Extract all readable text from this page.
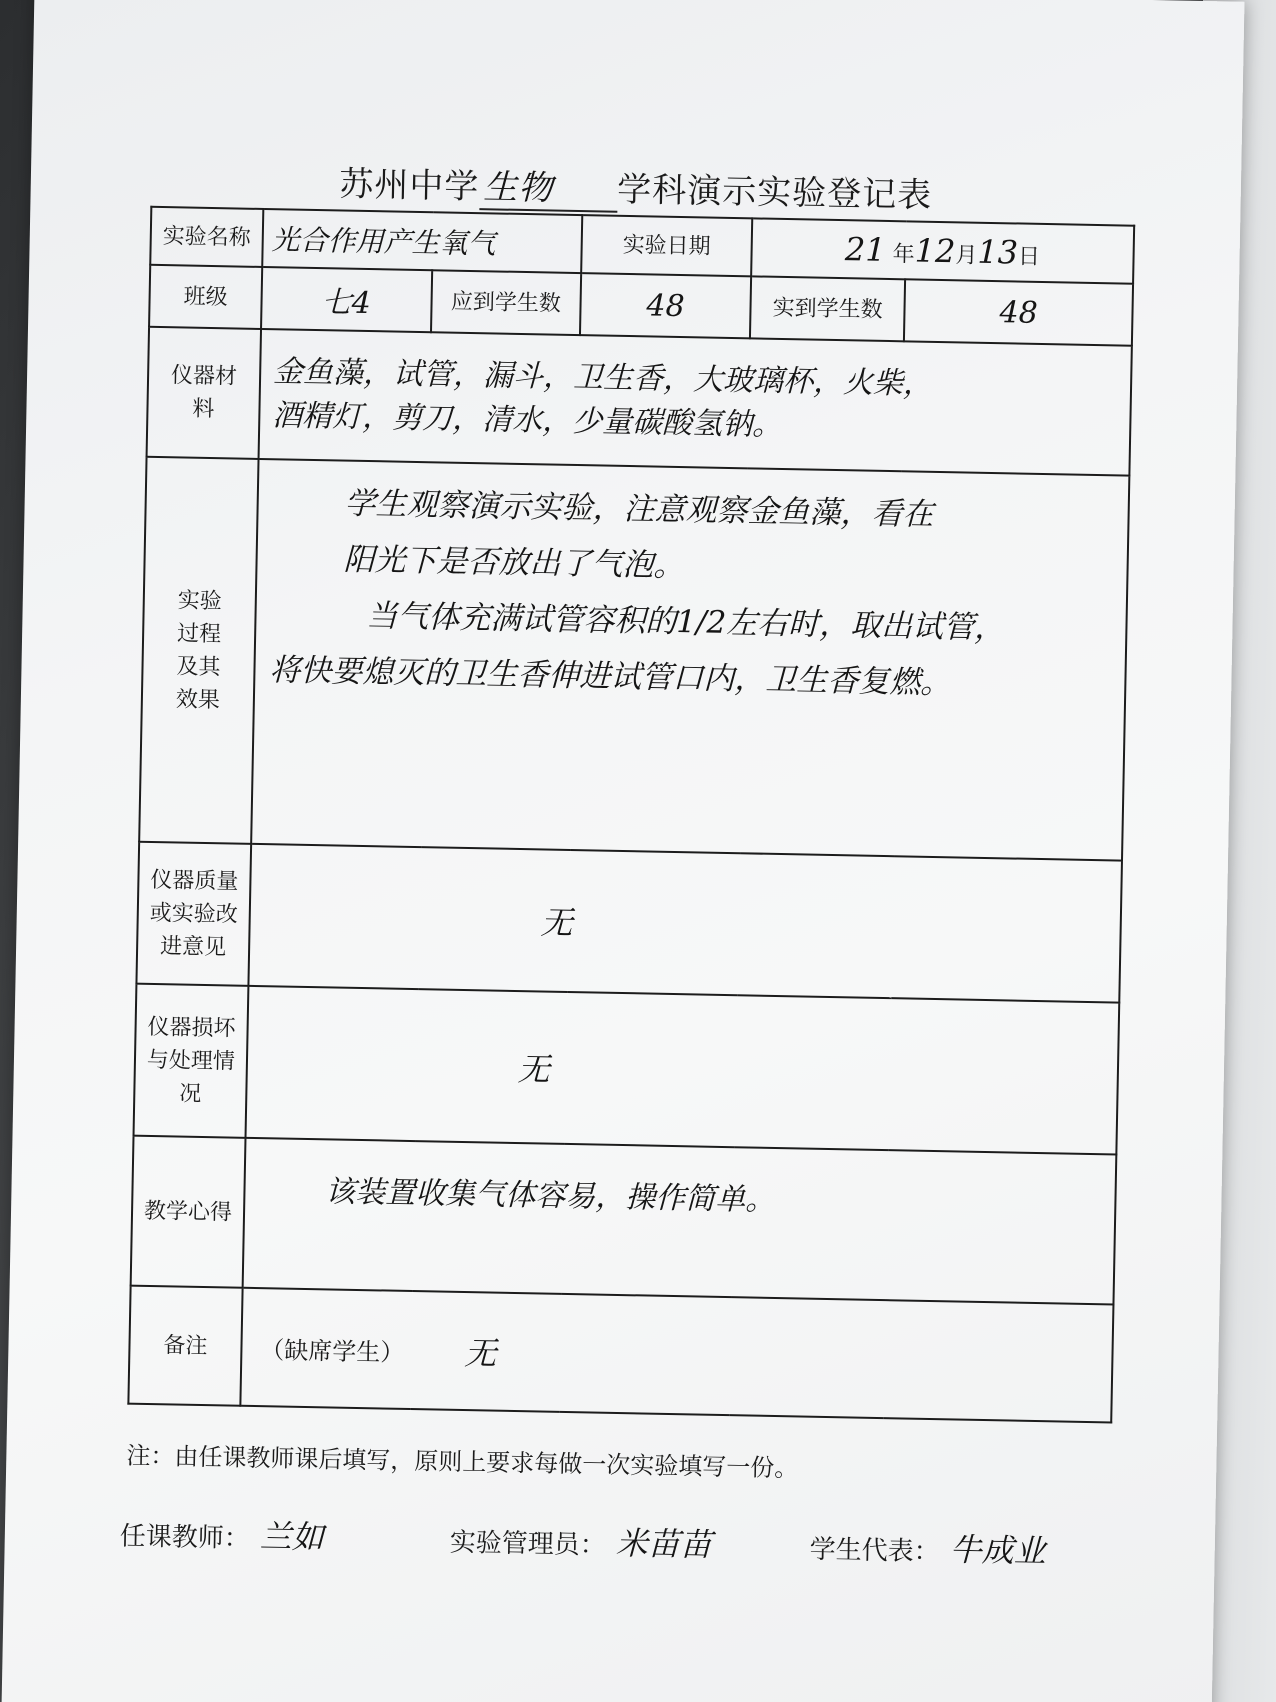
苏州中学生物 学科演示实验登记表
实验名称	光合作用产生氧气		实验日期	21 年12月13日	
班级	七4	应到学生数	48	实到学生数	48
仪器材料	金鱼藻，试管，漏斗，卫生香，大玻璃杯，火柴，
酒精灯，剪刀，清水，少量碳酸氢钠。				

实验过程及其效果	学生观察演示实验，注意观察金鱼藻，看在

阳光下是否放出了气泡。

当气体充满试管容积的1/2左右时，取出试管，

将快要熄灭的卫生香伸进试管口内，卫生香复燃。				

仪器质量或实验改进意见	无				
仪器损坏与处理情况	无				
教学心得	该装置收集气体容易，操作简单。				
备注	（缺席学生） 无				
注：由任课教师课后填写，原则上要求每做一次实验填写一份。
任课教师： 兰如	实验管理员： 米苗苗	学生代表： 牛成业
